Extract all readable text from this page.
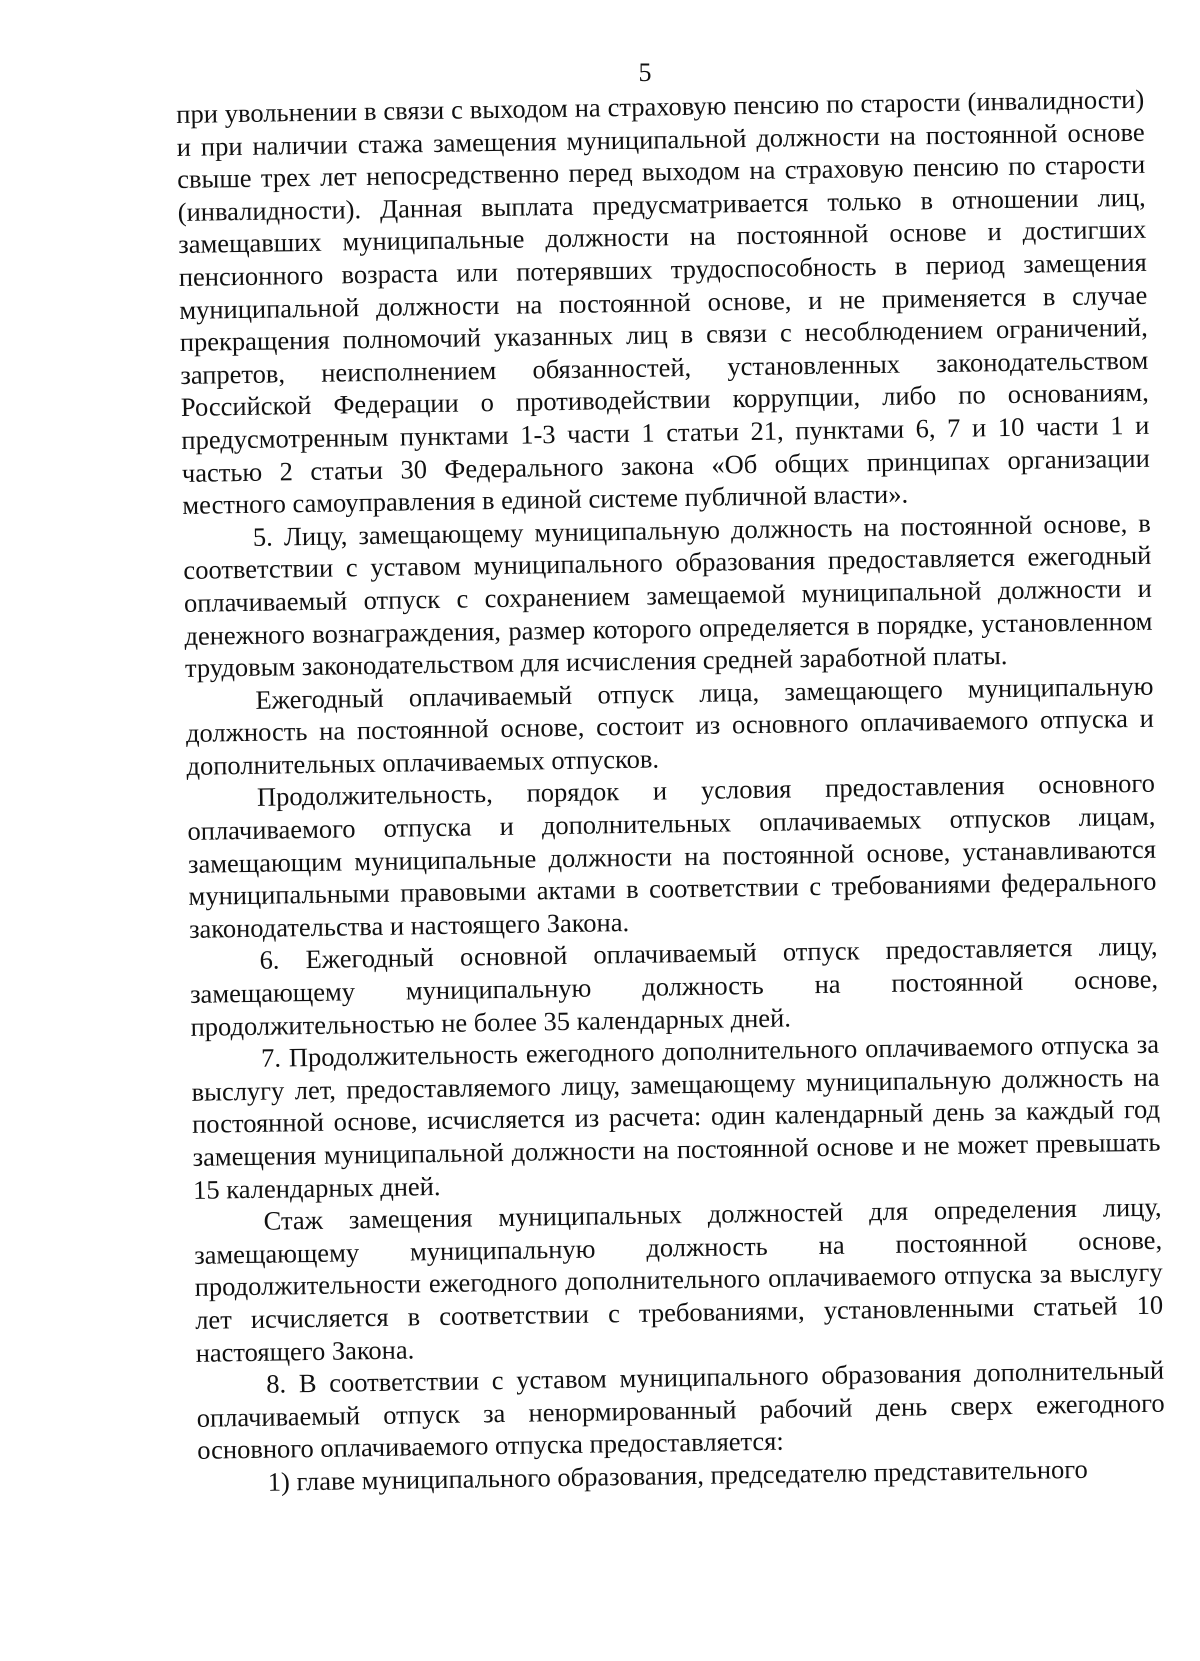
5

при увольнении в связи с выходом на страховую пенсию по старости (инвалидности) и при наличии стажа замещения муниципальной должности на постоянной основе свыше трех лет непосредственно перед выходом на страховую пенсию по старости (инвалидности). Данная выплата предусматривается только в отношении лиц, замещавших муниципальные должности на постоянной основе и достигших пенсионного возраста или потерявших трудоспособность в период замещения муниципальной должности на постоянной основе, и не применяется в случае прекращения полномочий указанных лиц в связи с несоблюдением ограничений, запретов, неисполнением обязанностей, установленных законодательством Российской Федерации о противодействии коррупции, либо по основаниям, предусмотренным пунктами 1-3 части 1 статьи 21, пунктами 6, 7 и 10 части 1 и частью 2 статьи 30 Федерального закона «Об общих принципах организации местного самоуправления в единой системе публичной власти».

5. Лицу, замещающему муниципальную должность на постоянной основе, в соответствии с уставом муниципального образования предоставляется ежегодный оплачиваемый отпуск с сохранением замещаемой муниципальной должности и денежного вознаграждения, размер которого определяется в порядке, установленном трудовым законодательством для исчисления средней заработной платы.

Ежегодный оплачиваемый отпуск лица, замещающего муниципальную должность на постоянной основе, состоит из основного оплачиваемого отпуска и дополнительных оплачиваемых отпусков.

Продолжительность, порядок и условия предоставления основного оплачиваемого отпуска и дополнительных оплачиваемых отпусков лицам, замещающим муниципальные должности на постоянной основе, устанавливаются муниципальными правовыми актами в соответствии с требованиями федерального законодательства и настоящего Закона.

6. Ежегодный основной оплачиваемый отпуск предоставляется лицу, замещающему муниципальную должность на постоянной основе, продолжительностью не более 35 календарных дней.

7. Продолжительность ежегодного дополнительного оплачиваемого отпуска за выслугу лет, предоставляемого лицу, замещающему муниципальную должность на постоянной основе, исчисляется из расчета: один календарный день за каждый год замещения муниципальной должности на постоянной основе и не может превышать 15 календарных дней.

Стаж замещения муниципальных должностей для определения лицу, замещающему муниципальную должность на постоянной основе, продолжительности ежегодного дополнительного оплачиваемого отпуска за выслугу лет исчисляется в соответствии с требованиями, установленными статьей 10 настоящего Закона.

8. В соответствии с уставом муниципального образования дополнительный оплачиваемый отпуск за ненормированный рабочий день сверх ежегодного основного оплачиваемого отпуска предоставляется:

1) главе муниципального образования, председателю представительного
